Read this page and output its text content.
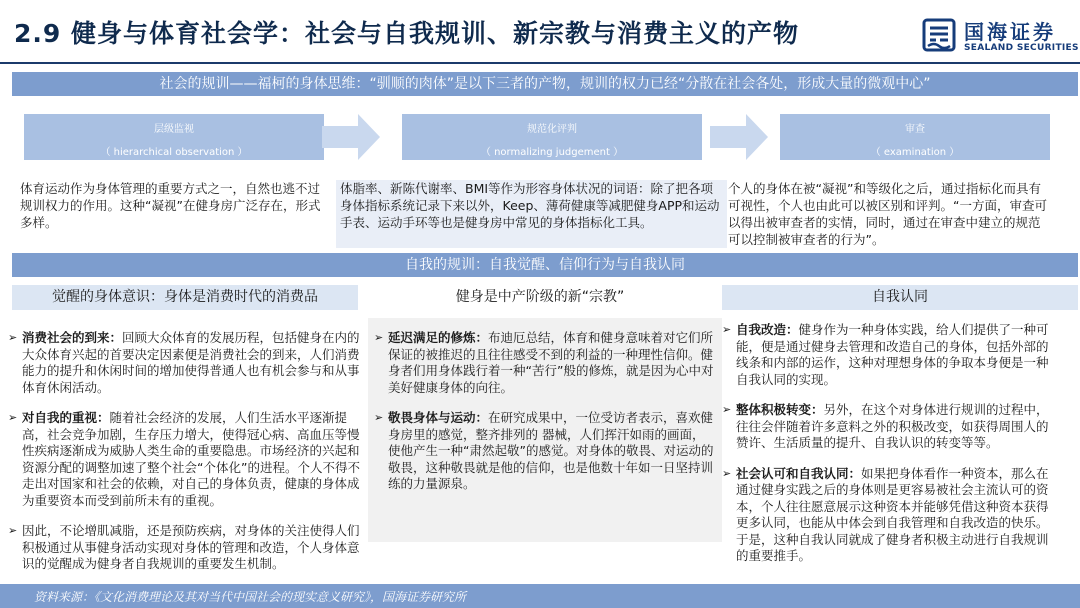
2.9 健身与体育社会学：社会与自我规训、新宗教与消费主义的产物	国海证券
SEALAND SECURITIES
社会的规训——福柯的身体思维：“驯顺的肉体”是以下三者的产物，规训的权力已经“分散在社会各处，形成大量的微观中心”
层级监视
（ hierarchical observation ）
规范化评判
（ normalizing judgement ）
审查
（ examination ）
体育运动作为身体管理的重要方式之一，自然也逃不过规训权力的作用。这种“凝视”在健身房广泛存在，形式多样。
体脂率、新陈代谢率、BMI等作为形容身体状况的词语：除了把各项身体指标系统记录下来以外，Keep、薄荷健康等减肥健身APP和运动手表、运动手环等也是健身房中常见的身体指标化工具。
个人的身体在被“凝视”和等级化之后，通过指标化而具有可视性，个人也由此可以被区别和评判。“一方面，审查可以得出被审查者的实情，同时，通过在审查中建立的规范可以控制被审查者的行为”。
自我的规训：自我觉醒、信仰行为与自我认同
觉醒的身体意识：身体是消费时代的消费品	健身是中产阶级的新“宗教”	自我认同
➢ 消费社会的到来：回顾大众体育的发展历程，包括健身在内的大众体育兴起的首要决定因素便是消费社会的到来，人们消费能力的提升和休闲时间的增加使得普通人也有机会参与和从事体育休闲活动。
➢ 对自我的重视：随着社会经济的发展，人们生活水平逐渐提高，社会竞争加剧，生存压力增大，使得冠心病、高血压等慢性疾病逐渐成为威胁人类生命的重要隐患。市场经济的兴起和资源分配的调整加速了整个社会“个体化”的进程。个人不得不走出对国家和社会的依赖，对自己的身体负责，健康的身体成为重要资本而受到前所未有的重视。
➢ 因此，不论增肌减脂，还是预防疾病，对身体的关注使得人们积极通过从事健身活动实现对身体的管理和改造，个人身体意识的觉醒成为健身者自我规训的重要发生机制。
➢ 延迟满足的修炼：布迪厄总结，体育和健身意味着对它们所保证的被推迟的且往往感受不到的利益的一种理性信仰。健身者们用身体践行着一种“苦行”般的修炼，就是因为心中对美好健康身体的向往。
➢ 敬畏身体与运动：在研究成果中，一位受访者表示，喜欢健身房里的感觉，整齐排列的 器械，人们挥汗如雨的画面，使他产生一种“肃然起敬”的感觉。对身体的敬畏、对运动的敬畏，这种敬畏就是他的信仰，也是他数十年如一日坚持训练的力量源泉。
➢ 自我改造：健身作为一种身体实践，给人们提供了一种可能，便是通过健身去管理和改造自己的身体，包括外部的线条和内部的运作，这种对理想身体的争取本身便是一种自我认同的实现。
➢ 整体积极转变：另外，在这个对身体进行规训的过程中，往往会伴随着许多意料之外的积极改变，如获得周围人的赞许、生活质量的提升、自我认识的转变等等。
➢ 社会认可和自我认同：如果把身体看作一种资本，那么在通过健身实践之后的身体则是更容易被社会主流认可的资本，个人往往愿意展示这种资本并能够凭借这种资本获得更多认同，也能从中体会到自我管理和自我改造的快乐。于是，这种自我认同就成了健身者积极主动进行自我规训的重要推手。
资料来源：《文化消费理论及其对当代中国社会的现实意义研究》，国海证券研究所
